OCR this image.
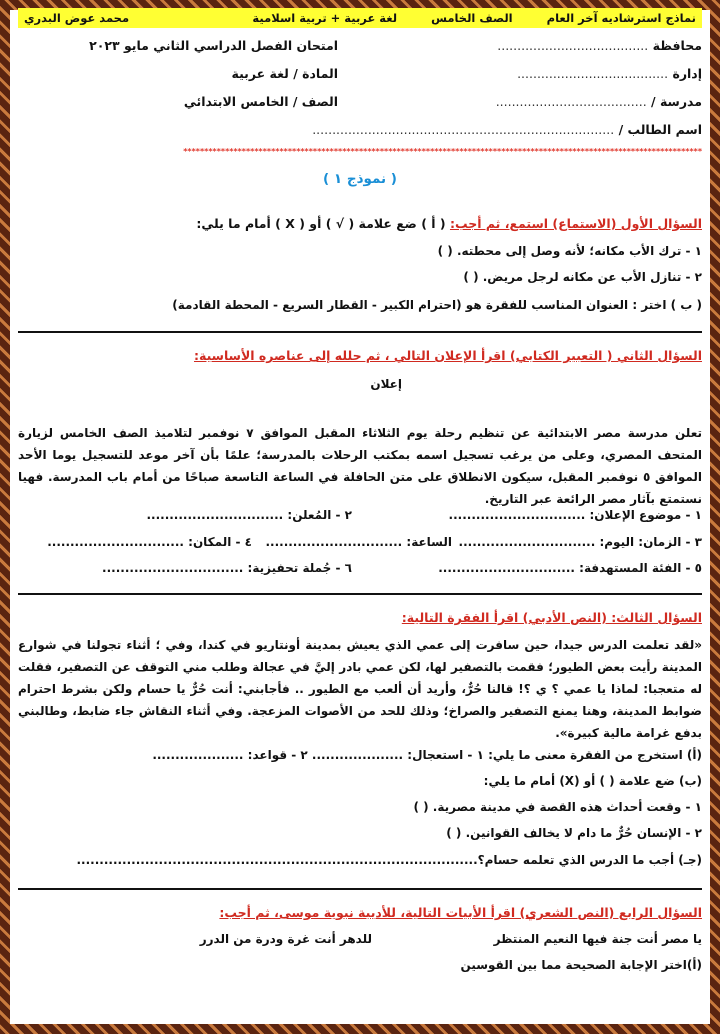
نماذج استرشاديه آخر العام
الصف الخامس
لغة عربية + تربية اسلامية
محمد عوض البدري
محافظة ......................................
امتحان الفصل الدراسي الثاني مايو ٢٠٢٣
إدارة ......................................
المادة / لغة عربية
مدرسة / ......................................
الصف / الخامس الابتدائي
اسم الطالب / ............................................................................
****************************************************************************************************************************
( نموذج ١ )
السؤال الأول (الاستماع) استمع، ثم أجب: ( أ ) ضع علامة ( √ ) أو ( X ) أمام ما يلي:
١ - ترك الأب مكانه؛ لأنه وصل إلى محطته. ( )
٢ - تنازل الأب عن مكانه لرجل مريض. ( )
( ب ) اختر : العنوان المناسب للفقرة هو (احترام الكبير - القطار السريع - المحطة القادمة)
السؤال الثاني ( التعبير الكتابي) اقرأ الإعلان التالي ، ثم حلله إلى عناصره الأساسية:
إعلان
تعلن مدرسة مصر الابتدائية عن تنظيم رحلة يوم الثلاثاء المقبل الموافق ٧ نوفمبر لتلاميذ الصف الخامس لزيارة المتحف المصري، وعلى من يرغب تسجيل اسمه بمكتب الرحلات بالمدرسة؛ علمًا بأن آخر موعد للتسجيل يوما الأحد الموافق ٥ نوفمبر المقبل، سيكون الانطلاق على متن الحافلة في الساعة التاسعة صباحًا من أمام باب المدرسة. فهيا نستمتع بآثار مصر الرائعة عبر التاريخ.
١ - موضوع الإعلان: ..............................
٢ - المُعلن: ..............................
٣ - الزمان: اليوم: ..............................
الساعة: ..............................
٤ - المكان: ..............................
٥ - الفئة المستهدفة: ..............................
٦ - جُملة تحفيزية: ...............................
السؤال الثالث: (النص الأدبي) اقرأ الفقرة التالية:
«لقد تعلمت الدرس جيدا، حين سافرت إلى عمي الذي يعيش بمدينة أونتاريو في كندا، وفي ؛ أثناء تجولنا في شوارع المدينة رأيت بعض الطيور؛ فقمت بالتصفير لها، لكن عمي بادر إليَّ في عجالة وطلب مني التوقف عن التصفير، فقلت له متعجبا: لماذا يا عمي ؟ ي ؟! قالنا حُرٌّ، وأريد أن ألعب مع الطيور .. فأجابني: أنت حُرٌّ يا حسام ولكن بشرط احترام ضوابط المدينة، وهنا يمنع التصفير والصراخ؛ وذلك للحد من الأصوات المزعجة. وفي أثناء النقاش جاء ضابط، وطالبني بدفع غرامة مالية كبيرة».
(أ) استخرج من الفقرة معنى ما يلي: ١ - استعجال: .................... ٢ - قواعد: ....................
(ب) ضع علامة ( ) أو (X) أمام ما يلي:
١ - وقعت أحداث هذه القصة في مدينة مصرية. ( )
٢ - الإنسان حُرٌّ ما دام لا يخالف القوانين. ( )
(جـ) أجب ما الدرس الذي تعلمه حسام؟........................................................................................
السؤال الرابع (النص الشعري) اقرأ الأبيات التالية، للأديبة نبوية موسى، ثم أجب:
يا مصر أنت جنة فيها النعيم المنتظر
للدهر أنت غرة ودرة من الدرر
(أ)اختر الإجابة الصحيحة مما بين القوسين
